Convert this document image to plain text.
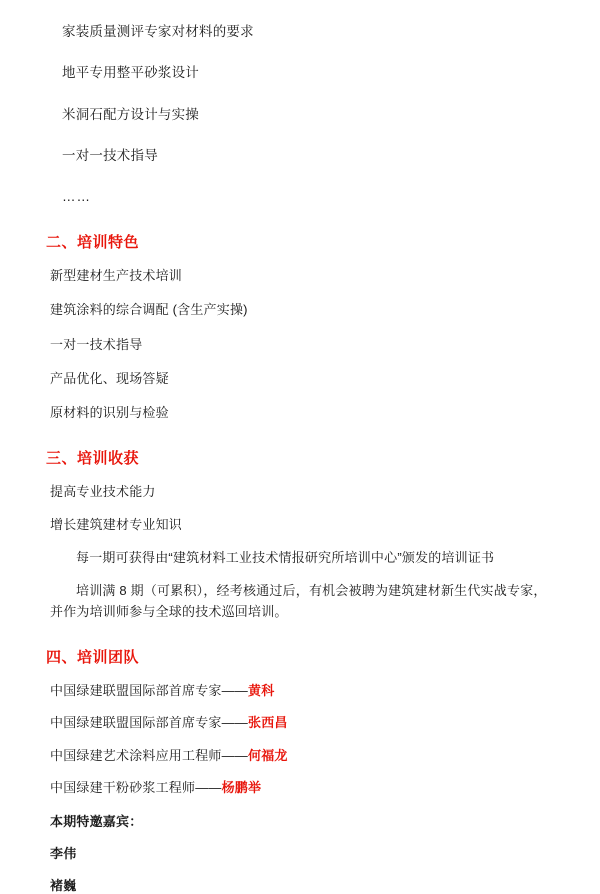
家装质量测评专家对材料的要求

地平专用整平砂浆设计

米洞石配方设计与实操

一对一技术指导

……

二、培训特色

新型建材生产技术培训

建筑涂料的综合调配 (含生产实操)

一对一技术指导

产品优化、现场答疑

原材料的识别与检验

三、培训收获

提高专业技术能力

增长建筑建材专业知识

每一期可获得由“建筑材料工业技术情报研究所培训中心”颁发的培训证书

培训满 8 期（可累积），经考核通过后，有机会被聘为建筑建材新生代实战专家，并作为培训师参与全球的技术巡回培训。

四、培训团队

中国绿建联盟国际部首席专家——黄科

中国绿建联盟国际部首席专家——张西昌

中国绿建艺术涂料应用工程师——何福龙

中国绿建干粉砂浆工程师——杨鹏举

本期特邀嘉宾：

李伟

褚巍
